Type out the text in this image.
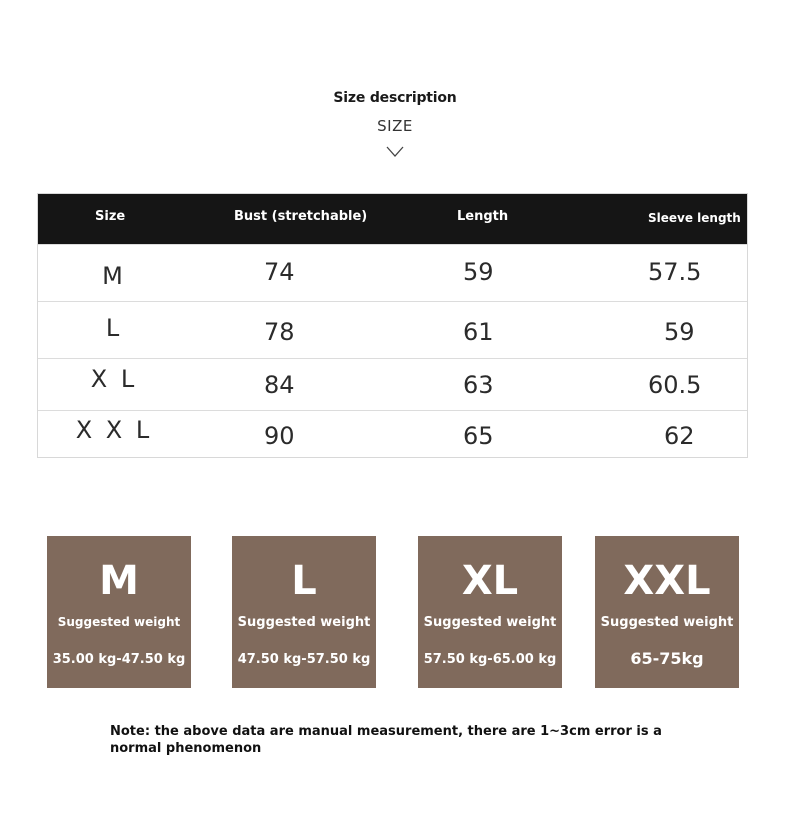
Size description
SIZE
Size	Bust (stretchable)	Length	Sleeve length
M	74	59	57.5
L	78	61	59
X L	84	63	60.5
X X L	90	65	62
M
Suggested weight
35.00 kg-47.50 kg
L
Suggested weight
47.50 kg-57.50 kg
XL
Suggested weight
57.50 kg-65.00 kg
XXL
Suggested weight
65-75kg
Note: the above data are manual measurement, there are 1~3cm error is a normal phenomenon
